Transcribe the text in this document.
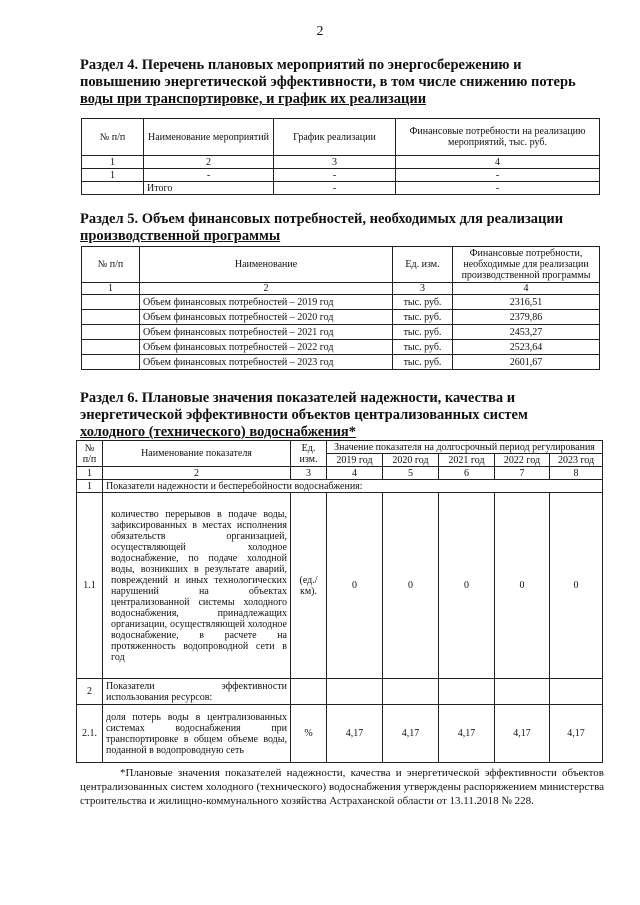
2
Раздел 4. Перечень плановых мероприятий по энергосбережению и
повышению энергетической эффективности, в том числе снижению потерь
воды при транспортировке, и график их реализации
№ п/п	Наименование мероприятий	График реализации	Финансовые потребности на реализацию мероприятий, тыс. руб.
1	2	3	4
1	-	-	-
	Итого	-	-
Раздел 5. Объем финансовых потребностей, необходимых для реализации
производственной программы
№ п/п	Наименование	Ед. изм.	Финансовые потребности, необходимые для реализации производственной программы
1	2	3	4
	Объем финансовых потребностей – 2019 год	тыс. руб.	2316,51
	Объем финансовых потребностей – 2020 год	тыс. руб.	2379,86
	Объем финансовых потребностей – 2021 год	тыс. руб.	2453,27
	Объем финансовых потребностей – 2022 год	тыс. руб.	2523,64
	Объем финансовых потребностей – 2023 год	тыс. руб.	2601,67
Раздел 6. Плановые значения показателей надежности, качества и
энергетической эффективности объектов централизованных систем
холодного (технического) водоснабжения*
№ п/п	Наименование показателя	Ед. изм.	Значение показателя на долгосрочный период регулирования				
			2019 год	2020 год	2021 год	2022 год	2023 год
1	2	3	4	5	6	7	8
1	Показатели надежности и бесперебойности водоснабжения:						
1.1	количество перерывов в подаче воды, зафиксированных в местах исполнения обязательств организацией, осуществляющей холодное водоснабжение, по подаче холодной воды, возникших в результате аварий, повреждений и иных технологических нарушений на объектах централизованной системы холодного водоснабжения, принадлежащих организации, осуществляющей холодное водоснабжение, в расчете на протяженность водопроводной сети в год	(ед./ км).	0	0	0	0	0
2	Показатели эффективности использования ресурсов:						
2.1.	доля потерь воды в централизованных системах водоснабжения при транспортировке в общем объеме воды, поданной в водопроводную сеть	%	4,17	4,17	4,17	4,17	4,17
*Плановые значения показателей надежности, качества и энергетической эффективности объектов централизованных систем холодного (технического) водоснабжения утверждены распоряжением министерства строительства и жилищно-коммунального хозяйства Астраханской области от 13.11.2018 № 228.
